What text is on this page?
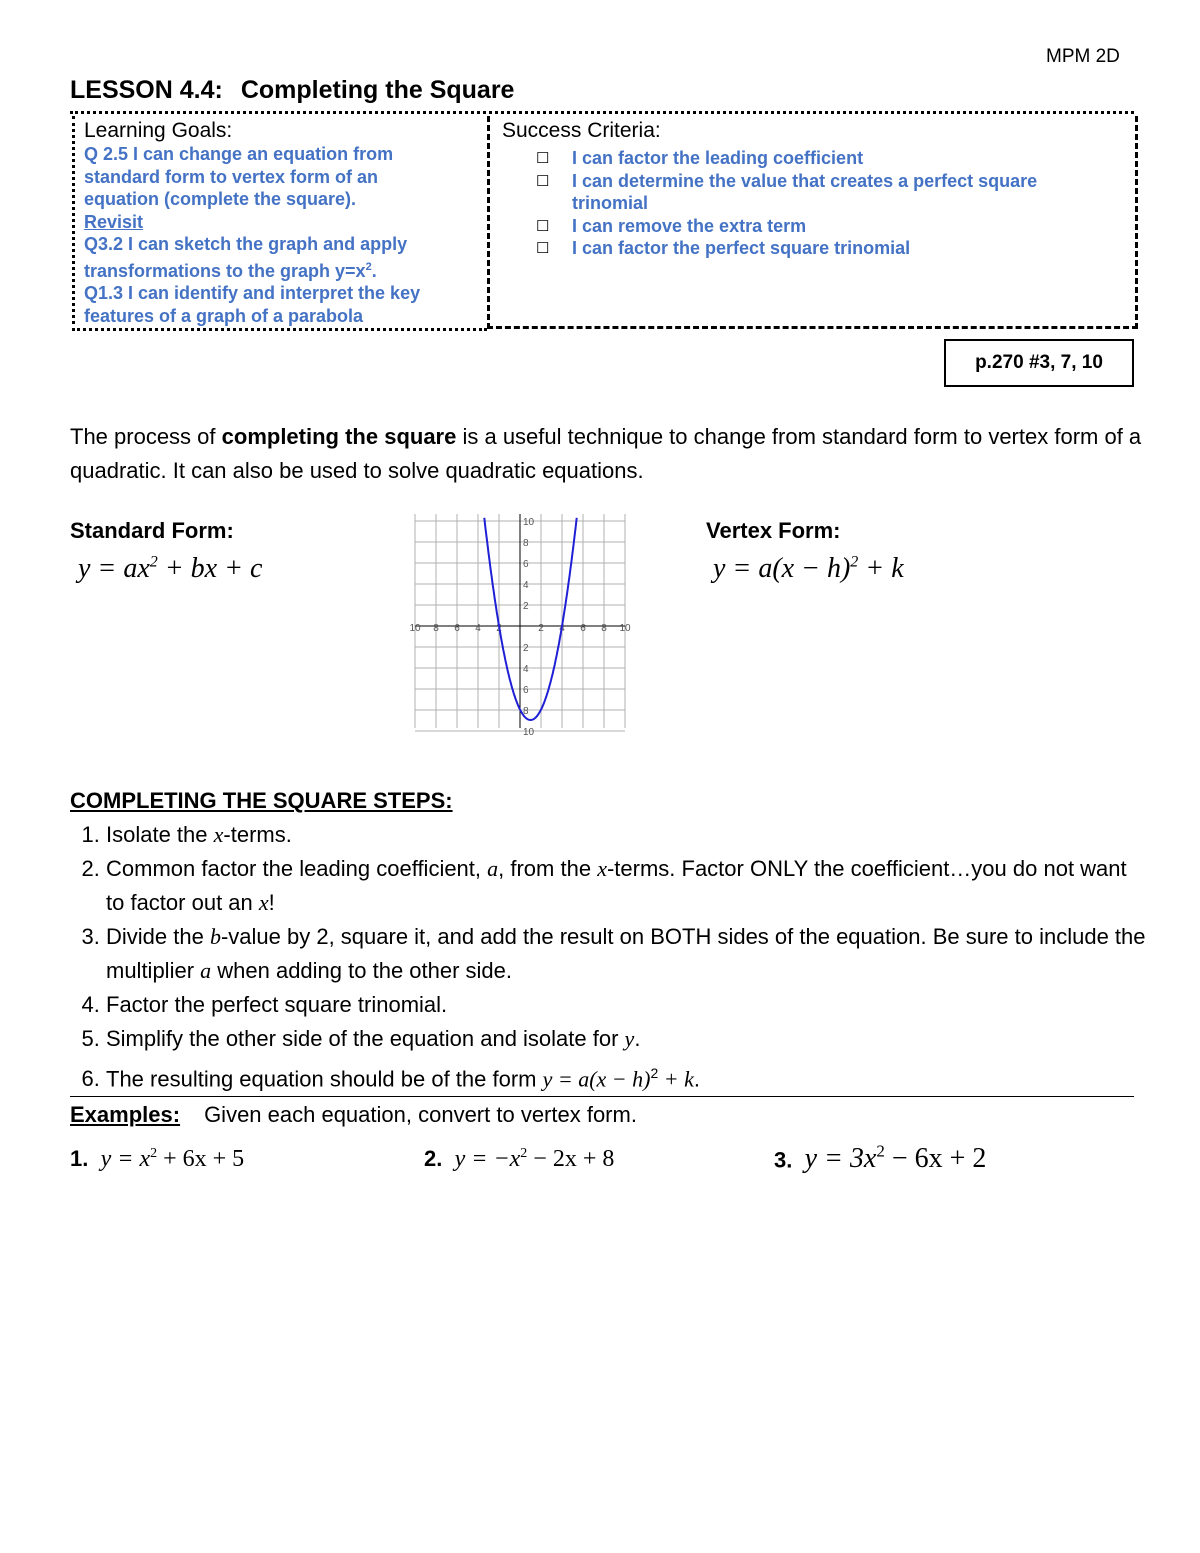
MPM 2D
LESSON 4.4: Completing the Square
Learning Goals:
Q 2.5 I can change an equation from
standard form to vertex form of an
equation (complete the square).
Revisit
Q3.2 I can sketch the graph and apply
transformations to the graph $y=x^2$.
Q1.3 I can identify and interpret the key
features of a graph of a parabola
Success Criteria:
☐ I can factor the leading coefficient
☐ I can determine the value that creates a perfect square
trinomial
☐ I can remove the extra term
☐ I can factor the perfect square trinomial
p.270 #3, 7, 10
The process of completing the square is a useful technique to change from standard form to vertex form of a quadratic. It can also be used to solve quadratic equations.
Standard Form:
$y = ax^2$ + bx + c
Vertex Form:
$y = a(x - h)^2 + k$
10 8 6 4 2	2 4 6 8 10
10
8
6
4
2
2
4
6
8
10
COMPLETING THE SQUARE STEPS:
1. Isolate the x-terms.
2. Common factor the leading coefficient, a, from the x-terms. Factor ONLY the coefficient…you do not want to factor out an x!
3. Divide the b-value by 2, square it, and add the result on BOTH sides of the equation. Be sure to include the multiplier a when adding to the other side.
4. Factor the perfect square trinomial.
5. Simplify the other side of the equation and isolate for y.
6. The resulting equation should be of the form $y = a(x - h)^2 + k$.
Examples: Given each equation, convert to vertex form.
1. $y = x^2 + 6x + 5$	2. $y = -x^2 - 2x + 8$	3. $y = 3x^2 - 6x + 2$
